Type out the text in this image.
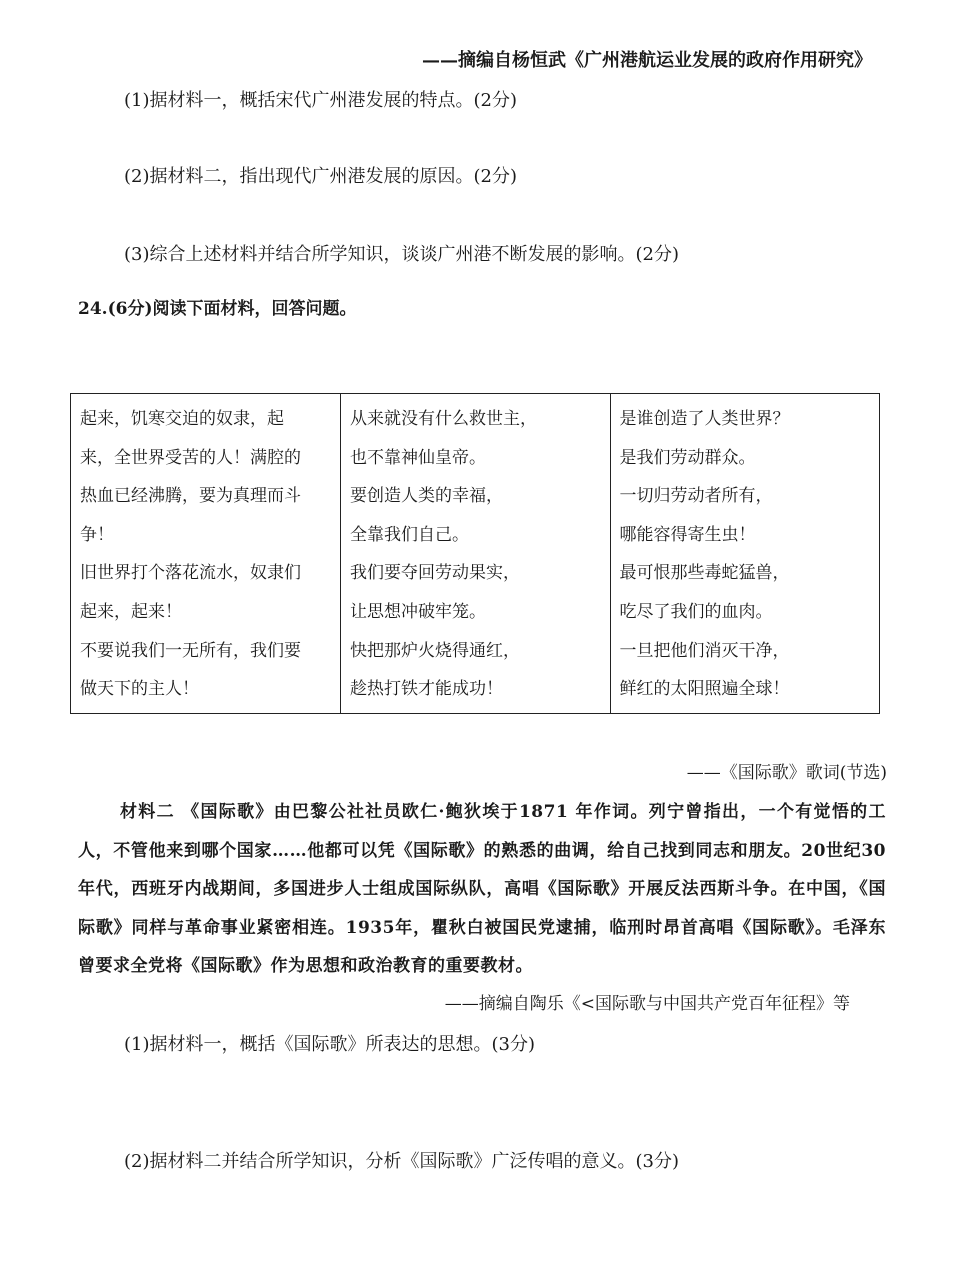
——摘编自杨恒武《广州港航运业发展的政府作用研究》
(1)据材料一，概括宋代广州港发展的特点。(2分)
(2)据材料二，指出现代广州港发展的原因。(2分)
(3)综合上述材料并结合所学知识，谈谈广州港不断发展的影响。(2分)
24.(6分)阅读下面材料，回答问题。
起来，饥寒交迫的奴隶，起
来，全世界受苦的人！满腔的
热血已经沸腾，要为真理而斗
争！
旧世界打个落花流水，奴隶们
起来，起来！
不要说我们一无所有，我们要
做天下的主人！

从来就没有什么救世主，
也不靠神仙皇帝。
要创造人类的幸福，
全靠我们自己。
我们要夺回劳动果实，
让思想冲破牢笼。
快把那炉火烧得通红，
趁热打铁才能成功！

是谁创造了人类世界？
是我们劳动群众。
一切归劳动者所有，
哪能容得寄生虫！
最可恨那些毒蛇猛兽，
吃尽了我们的血肉。
一旦把他们消灭干净，
鲜红的太阳照遍全球！
——《国际歌》歌词(节选)
材料二 《国际歌》由巴黎公社社员欧仁·鲍狄埃于1871 年作词。列宁曾指出，一个有觉悟的工人，不管他来到哪个国家……他都可以凭《国际歌》的熟悉的曲调，给自己找到同志和朋友。20世纪30年代，西班牙内战期间，多国进步人士组成国际纵队，高唱《国际歌》开展反法西斯斗争。在中国，《国际歌》同样与革命事业紧密相连。1935年，瞿秋白被国民党逮捕，临刑时昂首高唱《国际歌》。毛泽东曾要求全党将《国际歌》作为思想和政治教育的重要教材。
——摘编自陶乐《<国际歌与中国共产党百年征程》等
(1)据材料一，概括《国际歌》所表达的思想。(3分)
(2)据材料二并结合所学知识，分析《国际歌》广泛传唱的意义。(3分)
